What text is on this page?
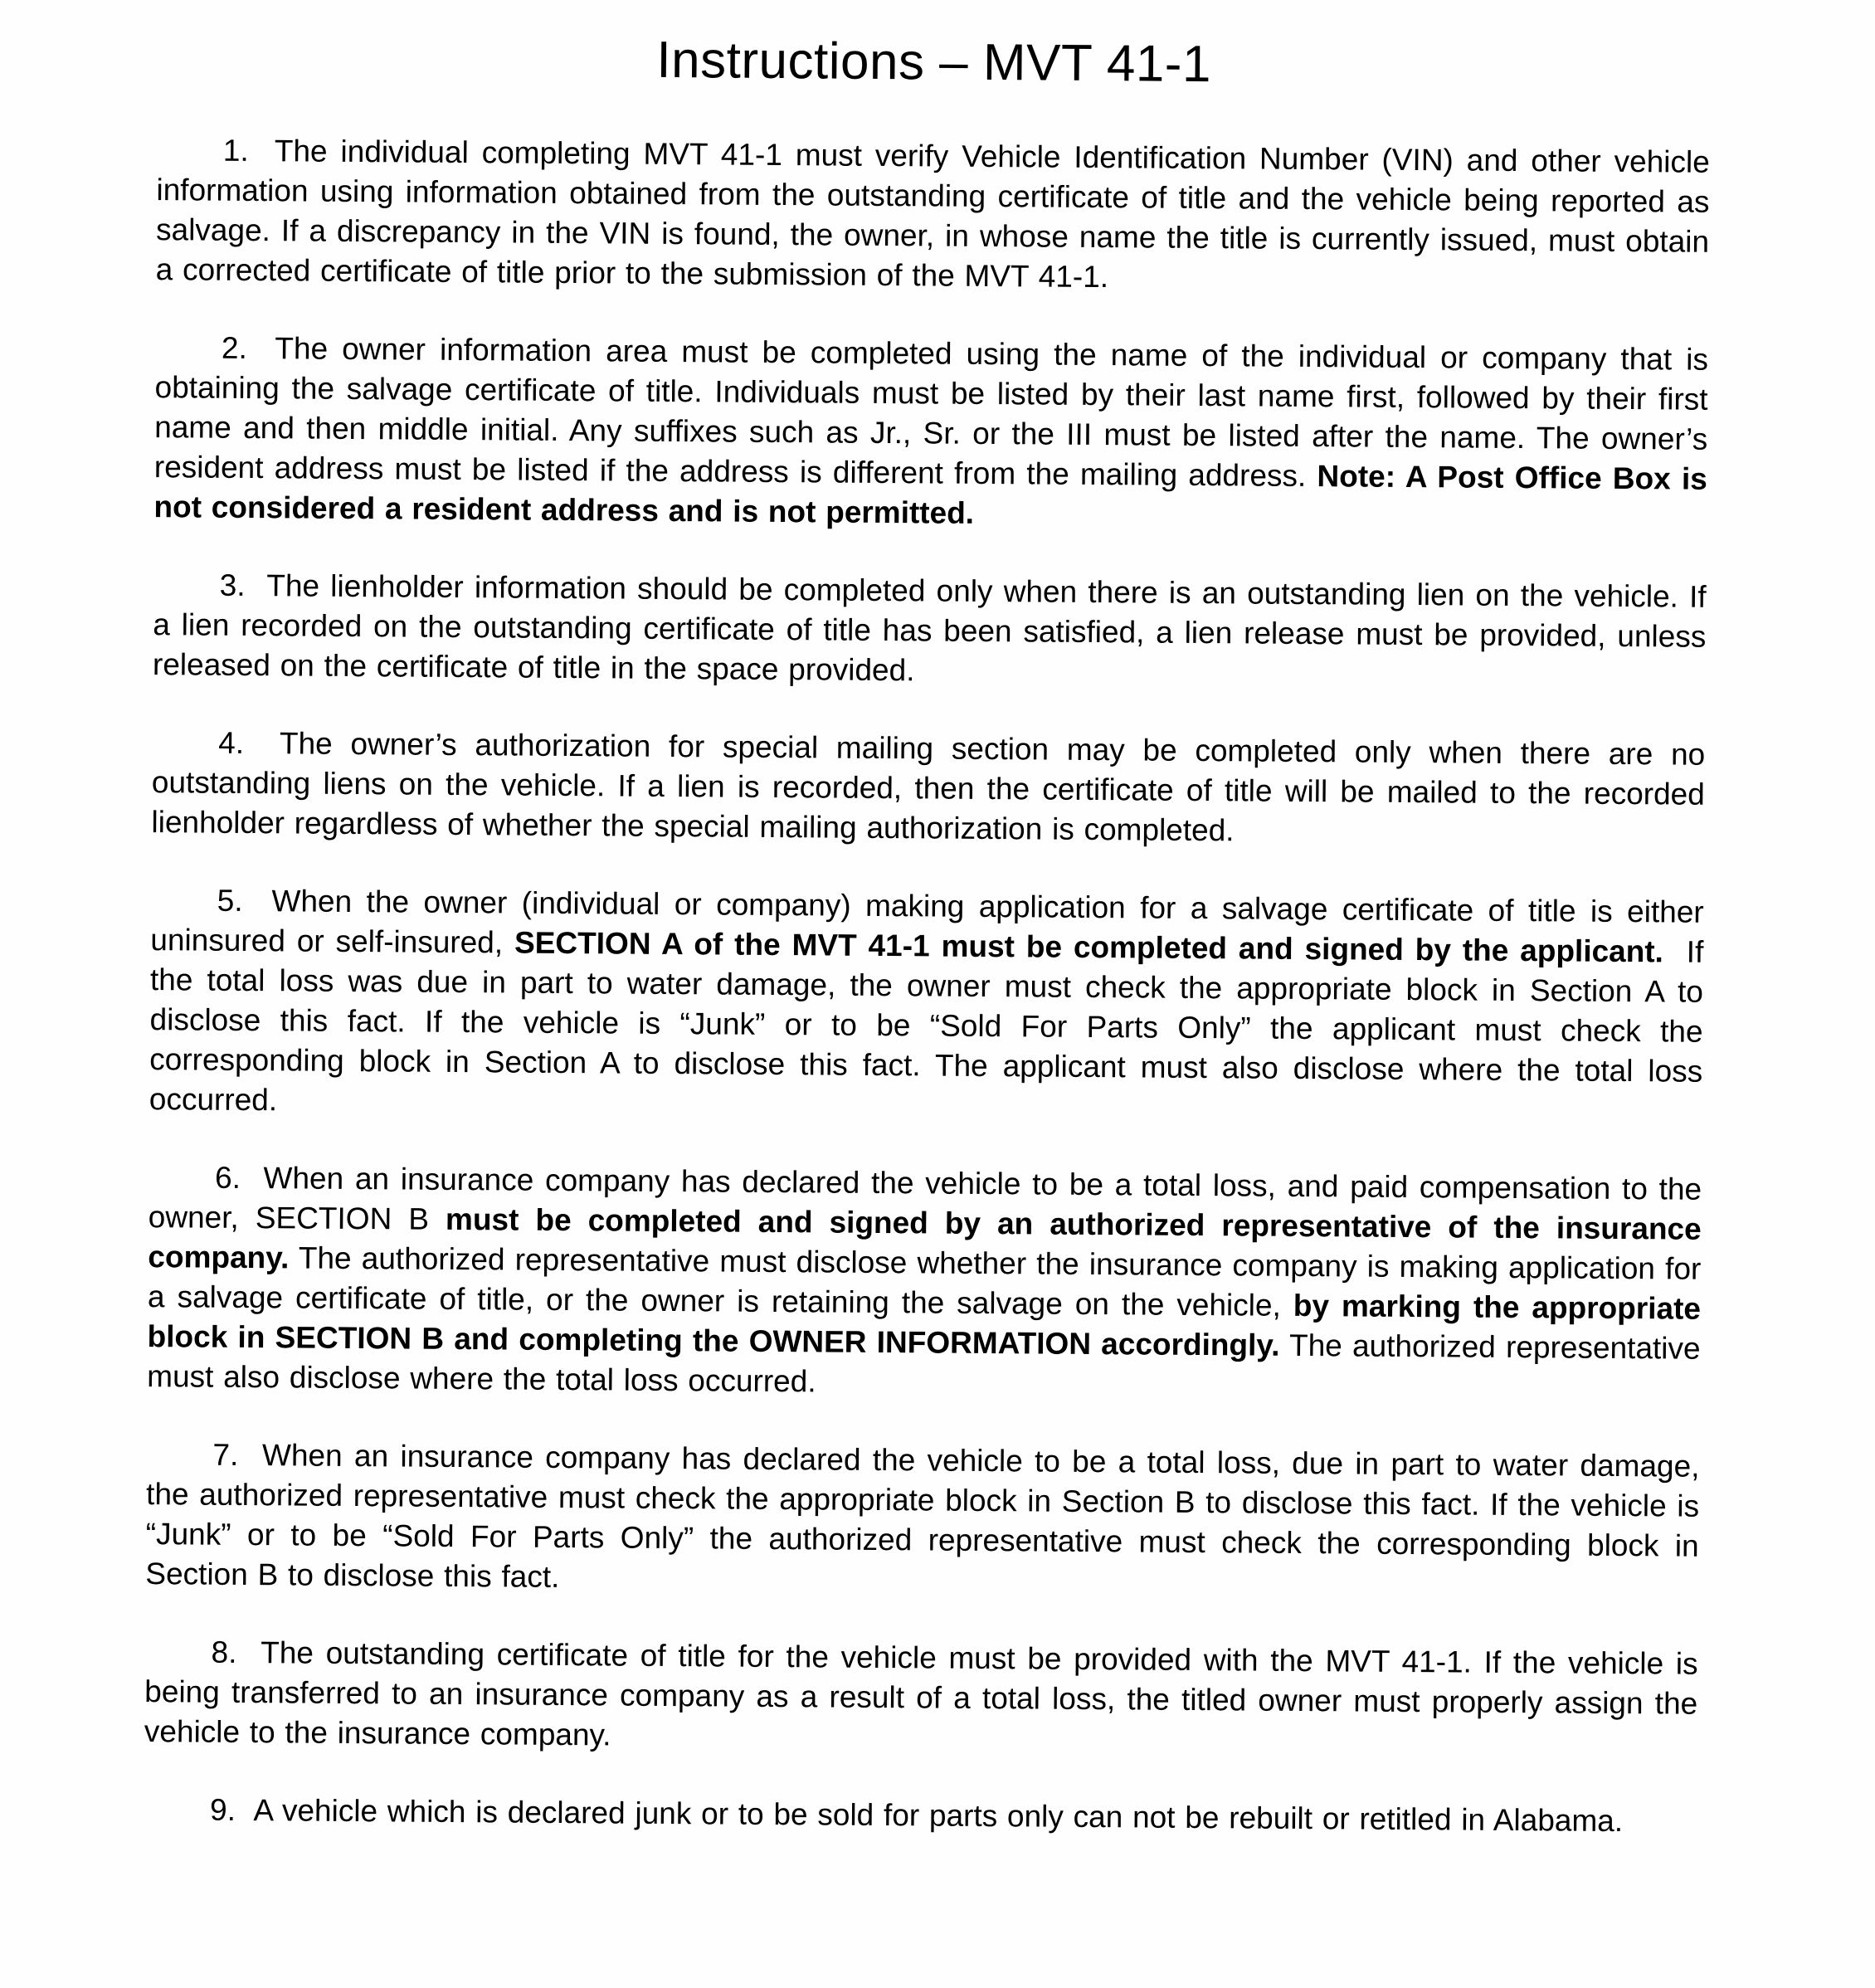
Instructions – MVT 41-1

1.  The individual completing MVT 41-1 must verify Vehicle Identification Number (VIN) and other vehicle information using information obtained from the outstanding certificate of title and the vehicle being reported as salvage. If a discrepancy in the VIN is found, the owner, in whose name the title is currently issued, must obtain a corrected certificate of title prior to the submission of the MVT 41-1.

2.  The owner information area must be completed using the name of the individual or company that is obtaining the salvage certificate of title. Individuals must be listed by their last name first, followed by their first name and then middle initial. Any suffixes such as Jr., Sr. or the III must be listed after the name. The owner’s resident address must be listed if the address is different from the mailing address. Note: A Post Office Box is not considered a resident address and is not permitted.

3.  The lienholder information should be completed only when there is an outstanding lien on the vehicle. If a lien recorded on the outstanding certificate of title has been satisfied, a lien release must be provided, unless released on the certificate of title in the space provided.

4.  The owner’s authorization for special mailing section may be completed only when there are no outstanding liens on the vehicle. If a lien is recorded, then the certificate of title will be mailed to the recorded lienholder regardless of whether the special mailing authorization is completed.

5.  When the owner (individual or company) making application for a salvage certificate of title is either uninsured or self-insured, SECTION A of the MVT 41-1 must be completed and signed by the applicant.  If the total loss was due in part to water damage, the owner must check the appropriate block in Section A to disclose this fact. If the vehicle is “Junk” or to be “Sold For Parts Only” the applicant must check the corresponding block in Section A to disclose this fact. The applicant must also disclose where the total loss occurred.

6.  When an insurance company has declared the vehicle to be a total loss, and paid compensation to the owner, SECTION B must be completed and signed by an authorized representative of the insurance company. The authorized representative must disclose whether the insurance company is making application for a salvage certificate of title, or the owner is retaining the salvage on the vehicle, by marking the appropriate block in SECTION B and completing the OWNER INFORMATION accordingly. The authorized representative must also disclose where the total loss occurred.

7.  When an insurance company has declared the vehicle to be a total loss, due in part to water damage, the authorized representative must check the appropriate block in Section B to disclose this fact. If the vehicle is “Junk” or to be “Sold For Parts Only” the authorized representative must check the corresponding block in Section B to disclose this fact.

8.  The outstanding certificate of title for the vehicle must be provided with the MVT 41-1. If the vehicle is being transferred to an insurance company as a result of a total loss, the titled owner must properly assign the vehicle to the insurance company.

9.  A vehicle which is declared junk or to be sold for parts only can not be rebuilt or retitled in Alabama.
